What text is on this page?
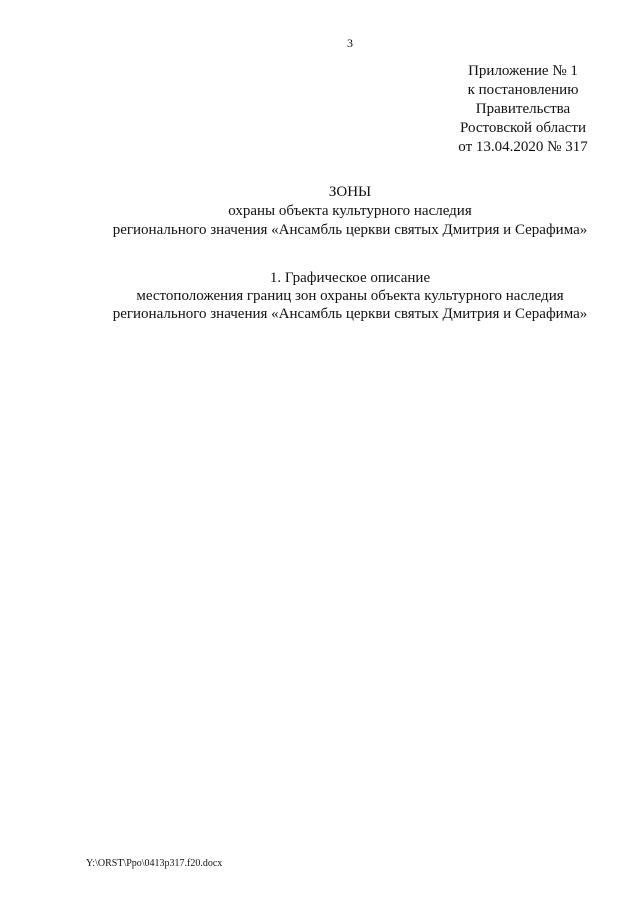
3
Приложение № 1
к постановлению
Правительства
Ростовской области
от 13.04.2020 № 317
ЗОНЫ
охраны объекта культурного наследия
регионального значения «Ансамбль церкви святых Дмитрия и Серафима»
1. Графическое описание
местоположения границ зон охраны объекта культурного наследия
регионального значения «Ансамбль церкви святых Дмитрия и Серафима»
Y:\ORST\Ppo\0413p317.f20.docx
